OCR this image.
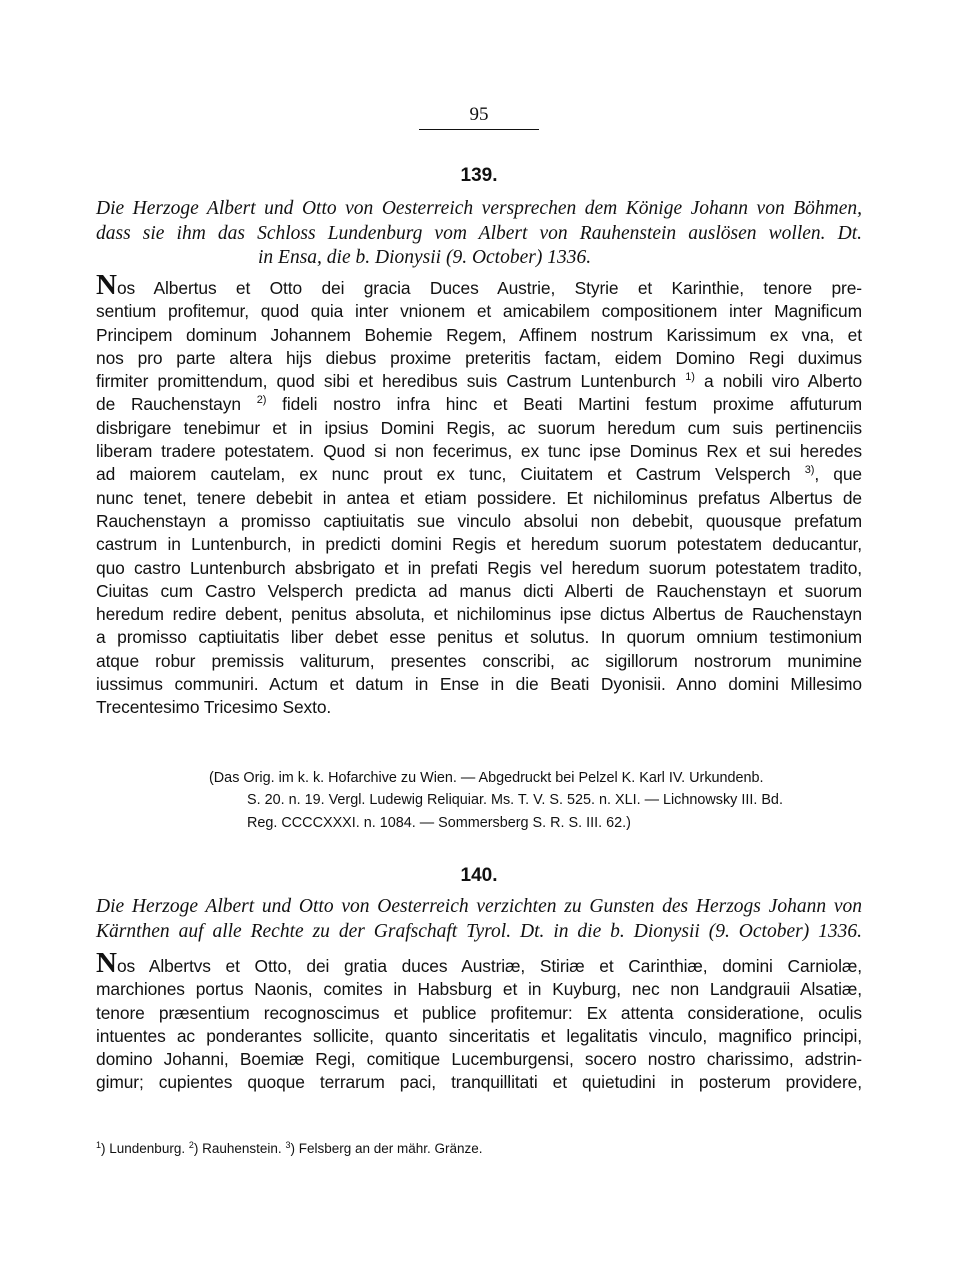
95
139.
Die Herzoge Albert und Otto von Oesterreich versprechen dem Könige Johann von Böhmen,
dass sie ihm das Schloss Lundenburg vom Albert von Rauhenstein auslösen wollen. Dt.
in Ensa, die b. Dionysii (9. October) 1336.
Nos Albertus et Otto dei gracia Duces Austrie, Styrie et Karinthie, tenore pre-
sentium profitemur, quod quia inter vnionem et amicabilem compositionem inter Magnificum
Principem dominum Johannem Bohemie Regem, Affinem nostrum Karissimum ex vna, et
nos pro parte altera hijs diebus proxime preteritis factam, eidem Domino Regi duximus
firmiter promittendum, quod sibi et heredibus suis Castrum Luntenburch $^{1)}$ a nobili viro Alberto
de Rauchenstayn $^{2)}$ fideli nostro infra hinc et Beati Martini festum proxime affuturum
disbrigare tenebimur et in ipsius Domini Regis, ac suorum heredum cum suis pertinenciis
liberam tradere potestatem. Quod si non fecerimus, ex tunc ipse Dominus Rex et sui heredes
ad maiorem cautelam, ex nunc prout ex tunc, Ciuitatem et Castrum Velsperch $^{3)}$, que
nunc tenet, tenere debebit in antea et etiam possidere. Et nichilominus prefatus Albertus de
Rauchenstayn a promisso captiuitatis sue vinculo absolui non debebit, quousque prefatum
castrum in Luntenburch, in predicti domini Regis et heredum suorum potestatem deducantur,
quo castro Luntenburch absbrigato et in prefati Regis vel heredum suorum potestatem tradito,
Ciuitas cum Castro Velsperch predicta ad manus dicti Alberti de Rauchenstayn et suorum
heredum redire debent, penitus absoluta, et nichilominus ipse dictus Albertus de Rauchenstayn
a promisso captiuitatis liber debet esse penitus et solutus. In quorum omnium testimonium
atque robur premissis valiturum, presentes conscribi, ac sigillorum nostrorum munimine
iussimus communiri. Actum et datum in Ense in die Beati Dyonisii. Anno domini Millesimo
Trecentesimo Tricesimo Sexto.
(Das Orig. im k. k. Hofarchive zu Wien. — Abgedruckt bei Pelzel K. Karl IV. Urkundenb.
S. 20. n. 19. Vergl. Ludewig Reliquiar. Ms. T. V. S. 525. n. XLI. — Lichnowsky III. Bd.
Reg. CCCCXXXI. n. 1084. — Sommersberg S. R. S. III. 62.)
140.
Die Herzoge Albert und Otto von Oesterreich verzichten zu Gunsten des Herzogs Johann von
Kärnthen auf alle Rechte zu der Grafschaft Tyrol. Dt. in die b. Dionysii (9. October) 1336.
Nos Albertvs et Otto, dei gratia duces Austriæ, Stiriæ et Carinthiæ, domini Carniolæ,
marchiones portus Naonis, comites in Habsburg et in Kuyburg, nec non Landgrauii Alsatiæ,
tenore præsentium recognoscimus et publice profitemur: Ex attenta consideratione, oculis
intuentes ac ponderantes sollicite, quanto sinceritatis et legalitatis vinculo, magnifico principi,
domino Johanni, Boemiæ Regi, comitique Lucemburgensi, socero nostro charissimo, adstrin-
gimur; cupientes quoque terrarum paci, tranquillitati et quietudini in posterum providere,
$^1$) Lundenburg. $^2$) Rauhenstein. $^3$) Felsberg an der mähr. Gränze.
